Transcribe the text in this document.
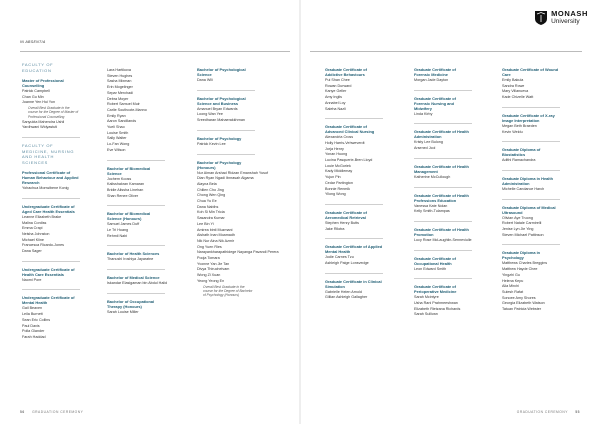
MONASH
University
IN ABSENTIA
FACULTY OF EDUCATION
Master of Professional Counselling
Patrick Campbell
Chan Gu Min
Joanne Yen Hui Yon
Overall Best Graduate in the course for the Degree of Master of Professional Counselling
Sanyukta Mahendra Ushil
Yardhwani Widyastuti
FACULTY OF MEDICINE, NURSING AND HEALTH SCIENCES
Professional Certificate of Human Behaviour and Applied Research
Yohachua Monwibene Konig
Undergraduate Certificate of Aged Care Health Essentials
Leanne Elizabeth Brake
Malina Cordiss
Emma Crapi
Neisha Johnston
Michael Kline
Francesca Ricardo-Jones
Dana Sager
Undergraduate Certificate of Health Care Essentials
Naomi Pore
Undergraduate Certificate of Mental Health
Gail Beaven
Leila Burnett
Sean Eric Collins
Paul Davis
Polla Glander
Farah Haddad
Lara Hartikova
Steven Hughes
Sasha Mixman
Erin Mogelinger
Separ Merchadi
Debra Moyer
Robert Samuel Muir
Carlie Southcote-Manno
Emily Ryan
Aaron Sandilands
Yueli Shao
Louise Smith
Sally Walter
Lo-Fan Wong
Eve Wilson
Bachelor of Biomedical Science
Jochem Kooss
Kalisshakran Kamaran
Bridie Alissha Linehan
Shan Renee Oliver
Bachelor of Biomedical Science (Honours)
Samuel James Duff
Le Tri Hoang
Rehmil Nabi
Bachelor of Health Sciences
Thanushi Iroshiya Jayaratne
Bachelor of Medical Science
Iskandar Elasigaman bin Abdul Halid
Bachelor of Occupational Therapy (Honours)
Sarah Louise Miller
Bachelor of Psychological Science
Dana Wili
Bachelor of Psychological Science and Business
Amanuel Bryan Edwards
Loong Wan Yee
Sreedharan Mahaerakkhrnan
Bachelor of Psychology
Patrick Kevin Lee
Bachelor of Psychology (Honours)
Nur Aiman Arshad Ridzan Emanshah Yusof
Dian Ryan Ngadi Ibnrasah Algama
Alayna Bela
Chilien Cho Jing
Chong Wen Qing
Chua Yu Ee
Dana Nabihs
Koh Si Min Tricia
Sasandra Kumar
Lee Bin Yi
Amirea binti Muzmani
Aishath Inan Moamadh
Nik Nur Aina Nik Azmir
Ong Yuen Ries
Narayankharapathidege Nayanga Pavandi Perera
Pooja Tomara
Yvonne Yan Jie Tan
Divya Thiruchelvam
Wong Zi Xuan
Yeong Yeong En
Overall Best Graduate in the course for the Degree of Bachelor of Psychology (Honours)
Graduate Certificate of Addictive Behaviours
Pui Shan Chee
Rowan Durward
Kanye Geller
Amy Inglis
Annabel Loy
Saleha Nazli
Graduate Certificate of Advanced Clinical Nursing
Alexandria Cross
Holly Harris-Vehweverdt
Jorja Henry
Yonan Huong
Lucina Pasquerie-Bren Lloyd
Louie McGoriek
Kady Middlemay
Yujun Pin
Cedar Partington
Bonnie Renmik
Yilong Wong
Graduate Certificate of Aeromedical Retrieval
Stephen Henry Butts
Jake Rilotra
Graduate Certificate of Applied Mental Health
Jodie Carnes Tzu
Ashleigh Paige Lonsvedge
Graduate Certificate in Clinical Simulation
Gabrielle Helen Arnold
Gillian Ashleigh Gallagher
Graduate Certificate of Forensic Medicine
Morgan Jade Dayton
Graduate Certificate of Forensic Nursing and Midwifery
Linda Kirby
Graduate Certificate of Health Administration
Kristy Lee Bulong
Arsened Jcol
Graduate Certificate of Health Management
Katherine McCullough
Graduate Certificate of Health Professions Education
Vanessa Kate Nolan
Kelly Smith-Tulampas
Graduate Certificate of Health Promotion
Lucy Rose McLaughlin-Senneviulle
Graduate Certificate of Occupational Health
Leon Edward Smith
Graduate Certificate of Perioperative Medicine
Sarah Mcintyre
Usha Rani Prahmeeshwan
Elizabeth Rietzana Richards
Sarah Sullivan
Graduate Certificate of Wound Care
Emily Bakula
Sandra Rowe
Mary Villanueva
Kade Chizelle Watt
Graduate Certificate of X-ray Image Interpretation
Megan Beth Braeden
Kevin Weldu
Graduate Diploma of Biostatistics
Adithi Ramachandra
Graduate Diploma in Health Administration
Michelle Candance Harch
Graduate Diploma of Medical Ultrasound
Olivian Aye Truong
Robert Natale Carmirelli
Jenise Lyn Jie Ying
Steven Michael Pattinson
Graduate Diploma in Psychology
Matthews Charles Breggins
Matthew Hayde Chee
Yingzhi Gu
Helena Kepu
Alia Mirchi
Sulesh Rafat
Sonoee Amy Shores
Georgia Elizabeth Watson
Tatuan Patricia Webster
56 GRADUATION CEREMONY	GRADUATION CEREMONY 55
